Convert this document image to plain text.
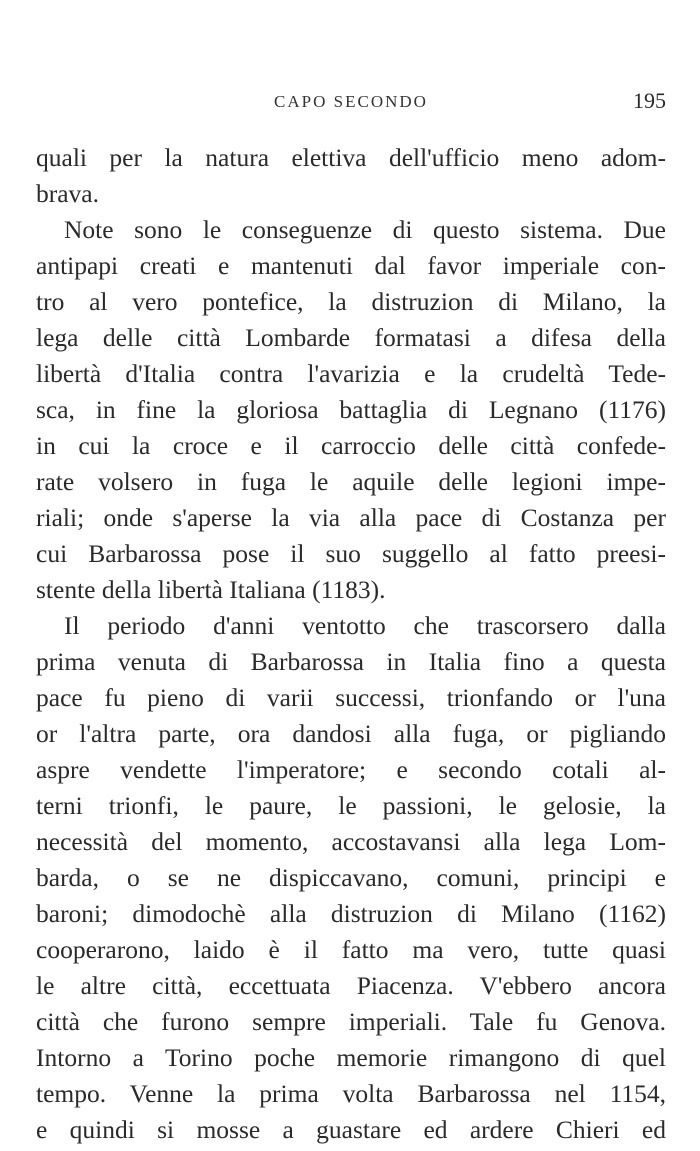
CAPO SECONDO	195
quali per la natura elettiva dell'ufficio meno adom-
brava.
Note sono le conseguenze di questo sistema. Due
antipapi creati e mantenuti dal favor imperiale con-
tro al vero pontefice, la distruzion di Milano, la
lega delle città Lombarde formatasi a difesa della
libertà d'Italia contra l'avarizia e la crudeltà Tede-
sca, in fine la gloriosa battaglia di Legnano (1176)
in cui la croce e il carroccio delle città confede-
rate volsero in fuga le aquile delle legioni impe-
riali; onde s'aperse la via alla pace di Costanza per
cui Barbarossa pose il suo suggello al fatto preesi-
stente della libertà Italiana (1183).
Il periodo d'anni ventotto che trascorsero dalla
prima venuta di Barbarossa in Italia fino a questa
pace fu pieno di varii successi, trionfando or l'una
or l'altra parte, ora dandosi alla fuga, or pigliando
aspre vendette l'imperatore; e secondo cotali al-
terni trionfi, le paure, le passioni, le gelosie, la
necessità del momento, accostavansi alla lega Lom-
barda, o se ne dispiccavano, comuni, principi e
baroni; dimodochè alla distruzion di Milano (1162)
cooperarono, laido è il fatto ma vero, tutte quasi
le altre città, eccettuata Piacenza. V'ebbero ancora
città che furono sempre imperiali. Tale fu Genova.
Intorno a Torino poche memorie rimangono di quel
tempo. Venne la prima volta Barbarossa nel 1154,
e quindi si mosse a guastare ed ardere Chieri ed
